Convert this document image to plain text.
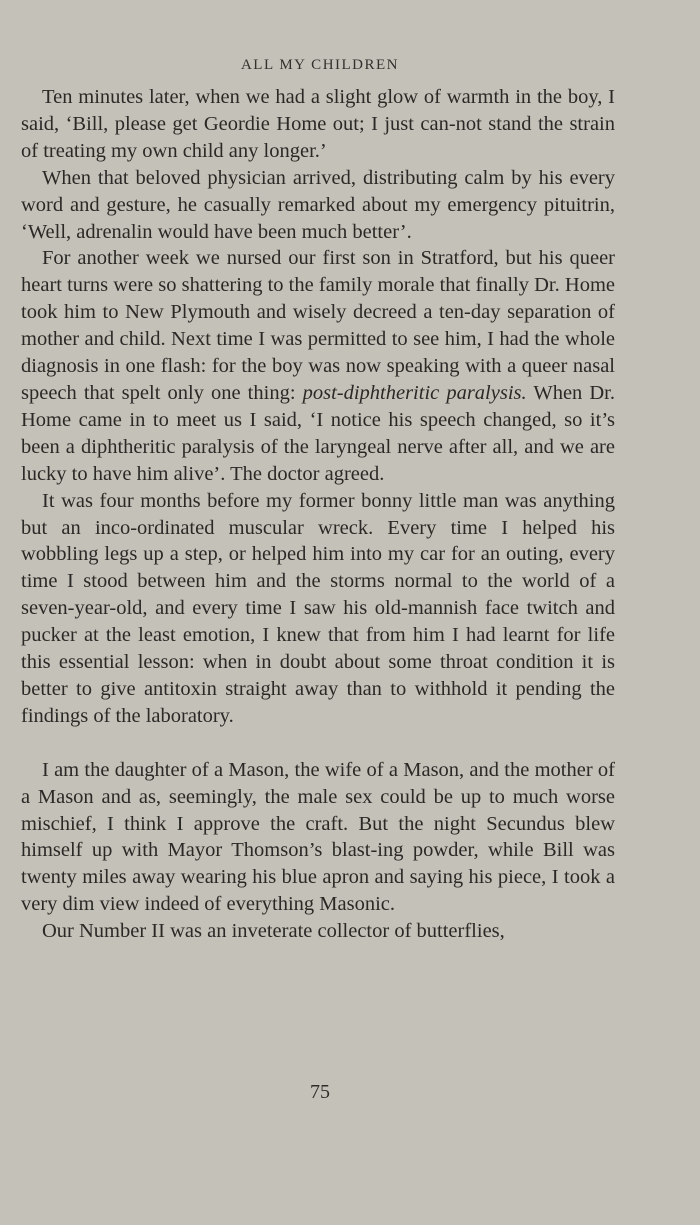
ALL MY CHILDREN

Ten minutes later, when we had a slight glow of warmth in the boy, I said, ‘Bill, please get Geordie Home out; I just can-not stand the strain of treating my own child any longer.’

When that beloved physician arrived, distributing calm by his every word and gesture, he casually remarked about my emergency pituitrin, ‘Well, adrenalin would have been much better’.

For another week we nursed our first son in Stratford, but his queer heart turns were so shattering to the family morale that finally Dr. Home took him to New Plymouth and wisely decreed a ten-day separation of mother and child. Next time I was permitted to see him, I had the whole diagnosis in one flash: for the boy was now speaking with a queer nasal speech that spelt only one thing: post-diphtheritic paralysis. When Dr. Home came in to meet us I said, ‘I notice his speech changed, so it’s been a diphtheritic paralysis of the laryngeal nerve after all, and we are lucky to have him alive’. The doctor agreed.

It was four months before my former bonny little man was anything but an inco-ordinated muscular wreck. Every time I helped his wobbling legs up a step, or helped him into my car for an outing, every time I stood between him and the storms normal to the world of a seven-year-old, and every time I saw his old-mannish face twitch and pucker at the least emotion, I knew that from him I had learnt for life this essential lesson: when in doubt about some throat condition it is better to give antitoxin straight away than to withhold it pending the findings of the laboratory.

I am the daughter of a Mason, the wife of a Mason, and the mother of a Mason and as, seemingly, the male sex could be up to much worse mischief, I think I approve the craft. But the night Secundus blew himself up with Mayor Thomson’s blast-ing powder, while Bill was twenty miles away wearing his blue apron and saying his piece, I took a very dim view indeed of everything Masonic.

Our Number II was an inveterate collector of butterflies,

75
